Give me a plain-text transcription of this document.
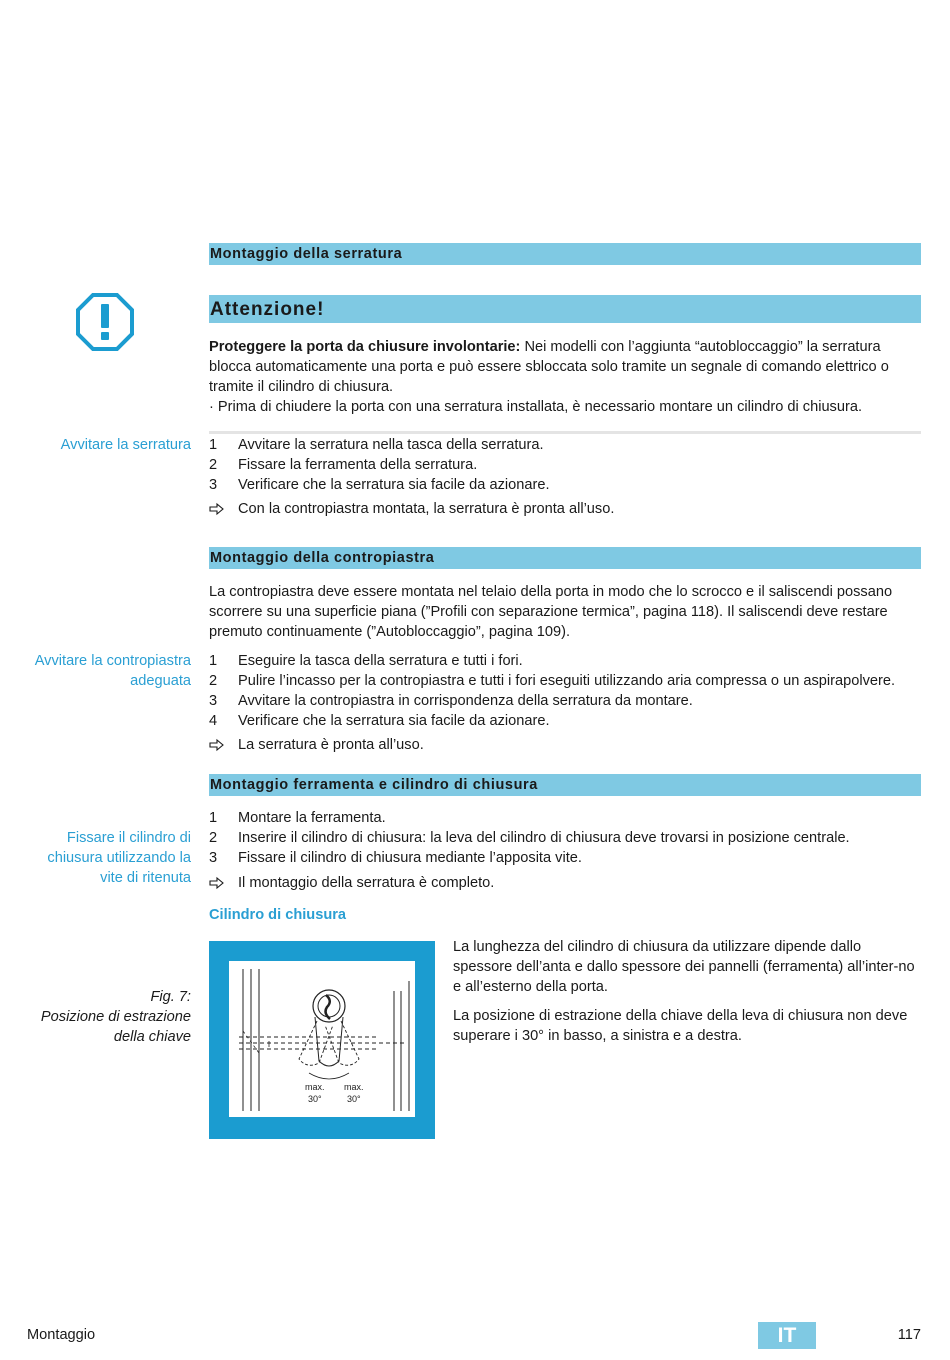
Montaggio della serratura
Attenzione!

Proteggere la porta da chiusure involontarie: Nei modelli con l’aggiunta “autobloccaggio” la serratura blocca automaticamente una porta e può essere sbloccata solo tramite un segnale di comando elettrico o tramite il cilindro di chiusura.

· Prima di chiudere la porta con una serratura installata, è necessario montare un cilindro di chiusura.

Avvitare la serratura 1 Avvitare la serratura nella tasca della serratura.
2 Fissare la ferramenta della serratura.
3 Verificare che la serratura sia facile da azionare.
Con la contropiastra montata, la serratura è pronta all’uso.
Montaggio della contropiastra

La contropiastra deve essere montata nel telaio della porta in modo che lo scrocco e il saliscendi possano scorrere su una superficie piana (”Profili con separazione termica”, pagina 118). Il saliscendi deve restare premuto continuamente (”Autobloccaggio”, pagina 109).

Avvitare la contropiastra
adeguata
1 Eseguire la tasca della serratura e tutti i fori.
2 Pulire l’incasso per la contropiastra e tutti i fori eseguiti utilizzando aria compressa o un aspirapolvere.
3 Avvitare la contropiastra in corrispondenza della serratura da montare.
4 Verificare che la serratura sia facile da azionare.
La serratura è pronta all’uso.
Montaggio ferramenta e cilindro di chiusura
Fissare il cilindro di
chiusura utilizzando la
vite di ritenuta
1 Montare la ferramenta.
2 Inserire il cilindro di chiusura: la leva del cilindro di chiusura deve trovarsi in posizione centrale.
3 Fissare il cilindro di chiusura mediante l’apposita vite.
Il montaggio della serratura è completo.
Cilindro di chiusura
Fig. 7:
Posizione di estrazione
della chiave
max.
30°
max.
30°

La lunghezza del cilindro di chiusura da utilizzare dipende dallo spessore dell’anta e dallo spessore dei pannelli (ferramenta) all’inter-no e all’esterno della porta.

La posizione di estrazione della chiave della leva di chiusura non deve superare i 30° in basso, a sinistra e a destra.

Montaggio	IT	117
